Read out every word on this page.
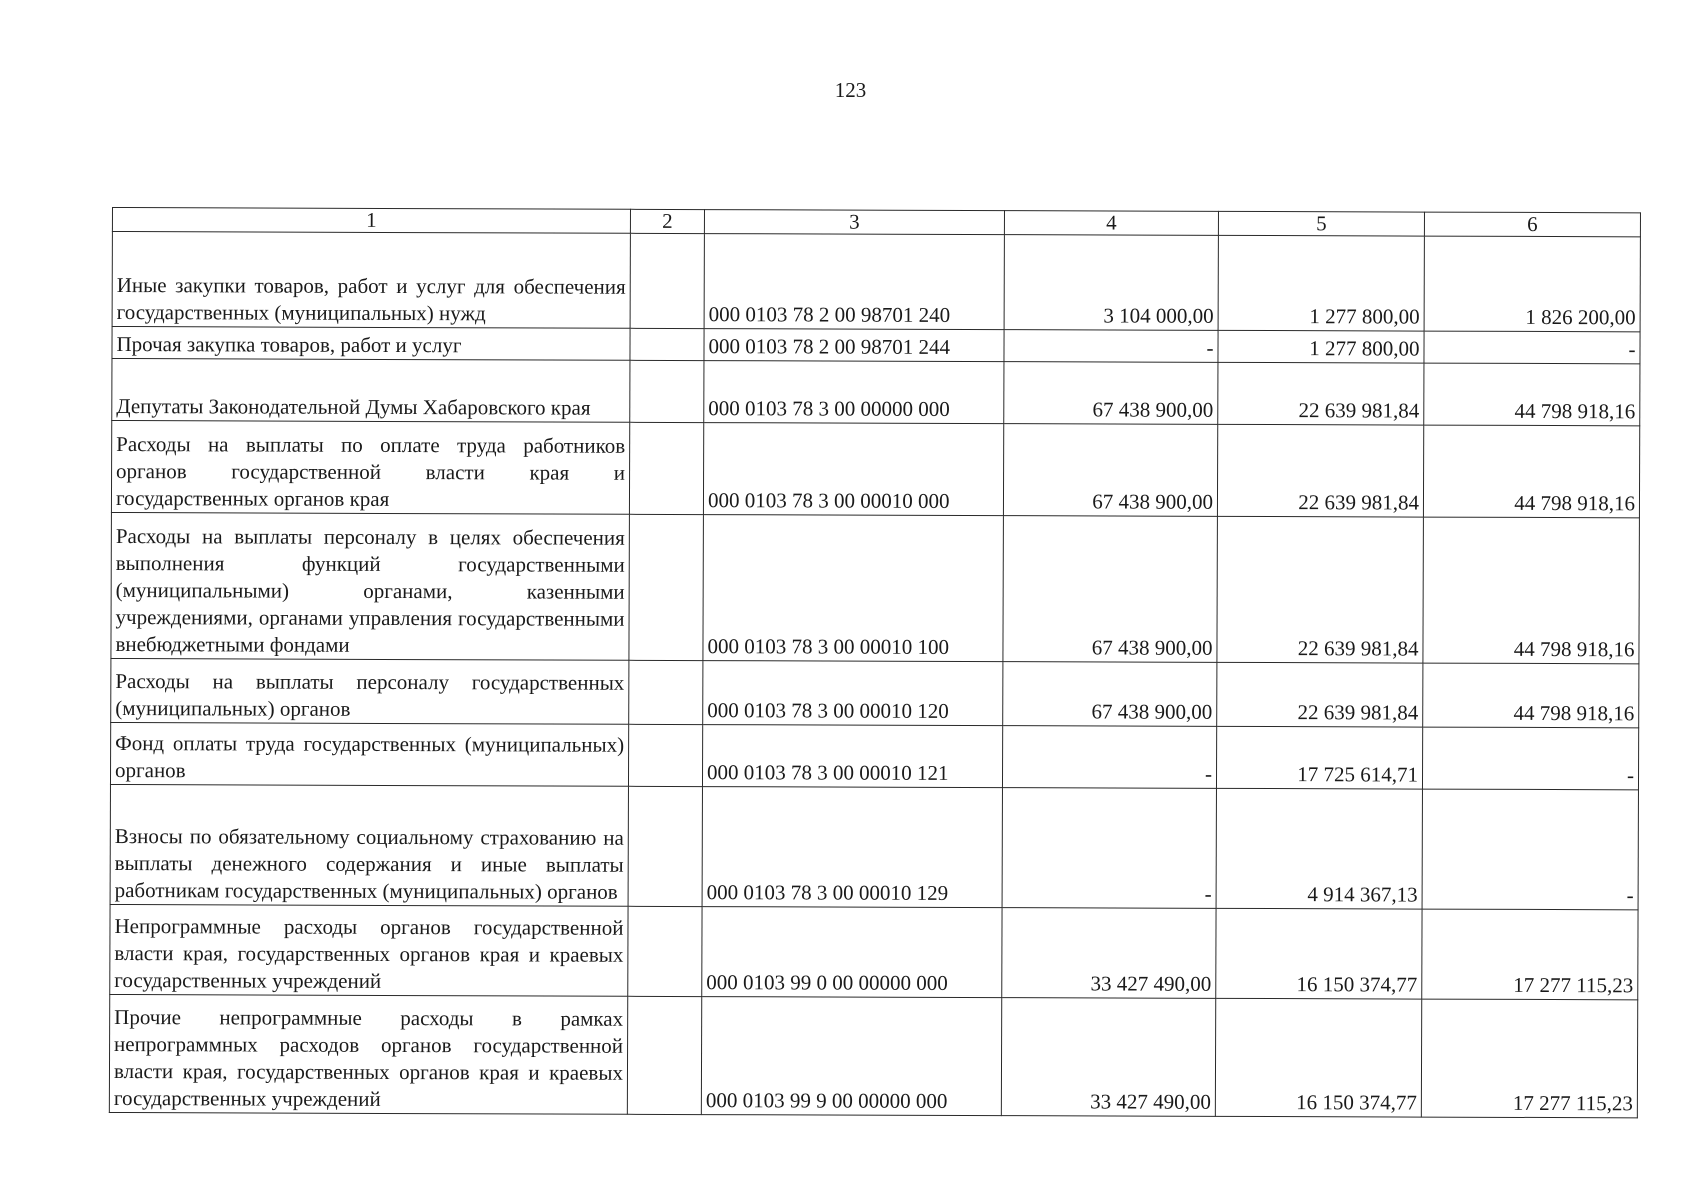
123
1	2	3	4	5	6
Иные закупки товаров, работ и услуг для обеспечения государственных (муниципальных) нужд		000 0103 78 2 00 98701 240	3 104 000,00	1 277 800,00	1 826 200,00
Прочая закупка товаров, работ и услуг		000 0103 78 2 00 98701 244	-	1 277 800,00	-
Депутаты Законодательной Думы Хабаровского края		000 0103 78 3 00 00000 000	67 438 900,00	22 639 981,84	44 798 918,16
Расходы на выплаты по оплате труда работников органов государственной власти края и государственных органов края		000 0103 78 3 00 00010 000	67 438 900,00	22 639 981,84	44 798 918,16
Расходы на выплаты персоналу в целях обеспечения выполнения функций государственными (муниципальными) органами, казенными учреждениями, органами управления государственными внебюджетными фондами		000 0103 78 3 00 00010 100	67 438 900,00	22 639 981,84	44 798 918,16
Расходы на выплаты персоналу государственных (муниципальных) органов		000 0103 78 3 00 00010 120	67 438 900,00	22 639 981,84	44 798 918,16
Фонд оплаты труда государственных (муниципальных) органов		000 0103 78 3 00 00010 121	-	17 725 614,71	-
Взносы по обязательному социальному страхованию на выплаты денежного содержания и иные выплаты работникам государственных (муниципальных) органов		000 0103 78 3 00 00010 129	-	4 914 367,13	-
Непрограммные расходы органов государственной власти края, государственных органов края и краевых государственных учреждений		000 0103 99 0 00 00000 000	33 427 490,00	16 150 374,77	17 277 115,23
Прочие непрограммные расходы в рамках непрограммных расходов органов государственной власти края, государственных органов края и краевых государственных учреждений		000 0103 99 9 00 00000 000	33 427 490,00	16 150 374,77	17 277 115,23
